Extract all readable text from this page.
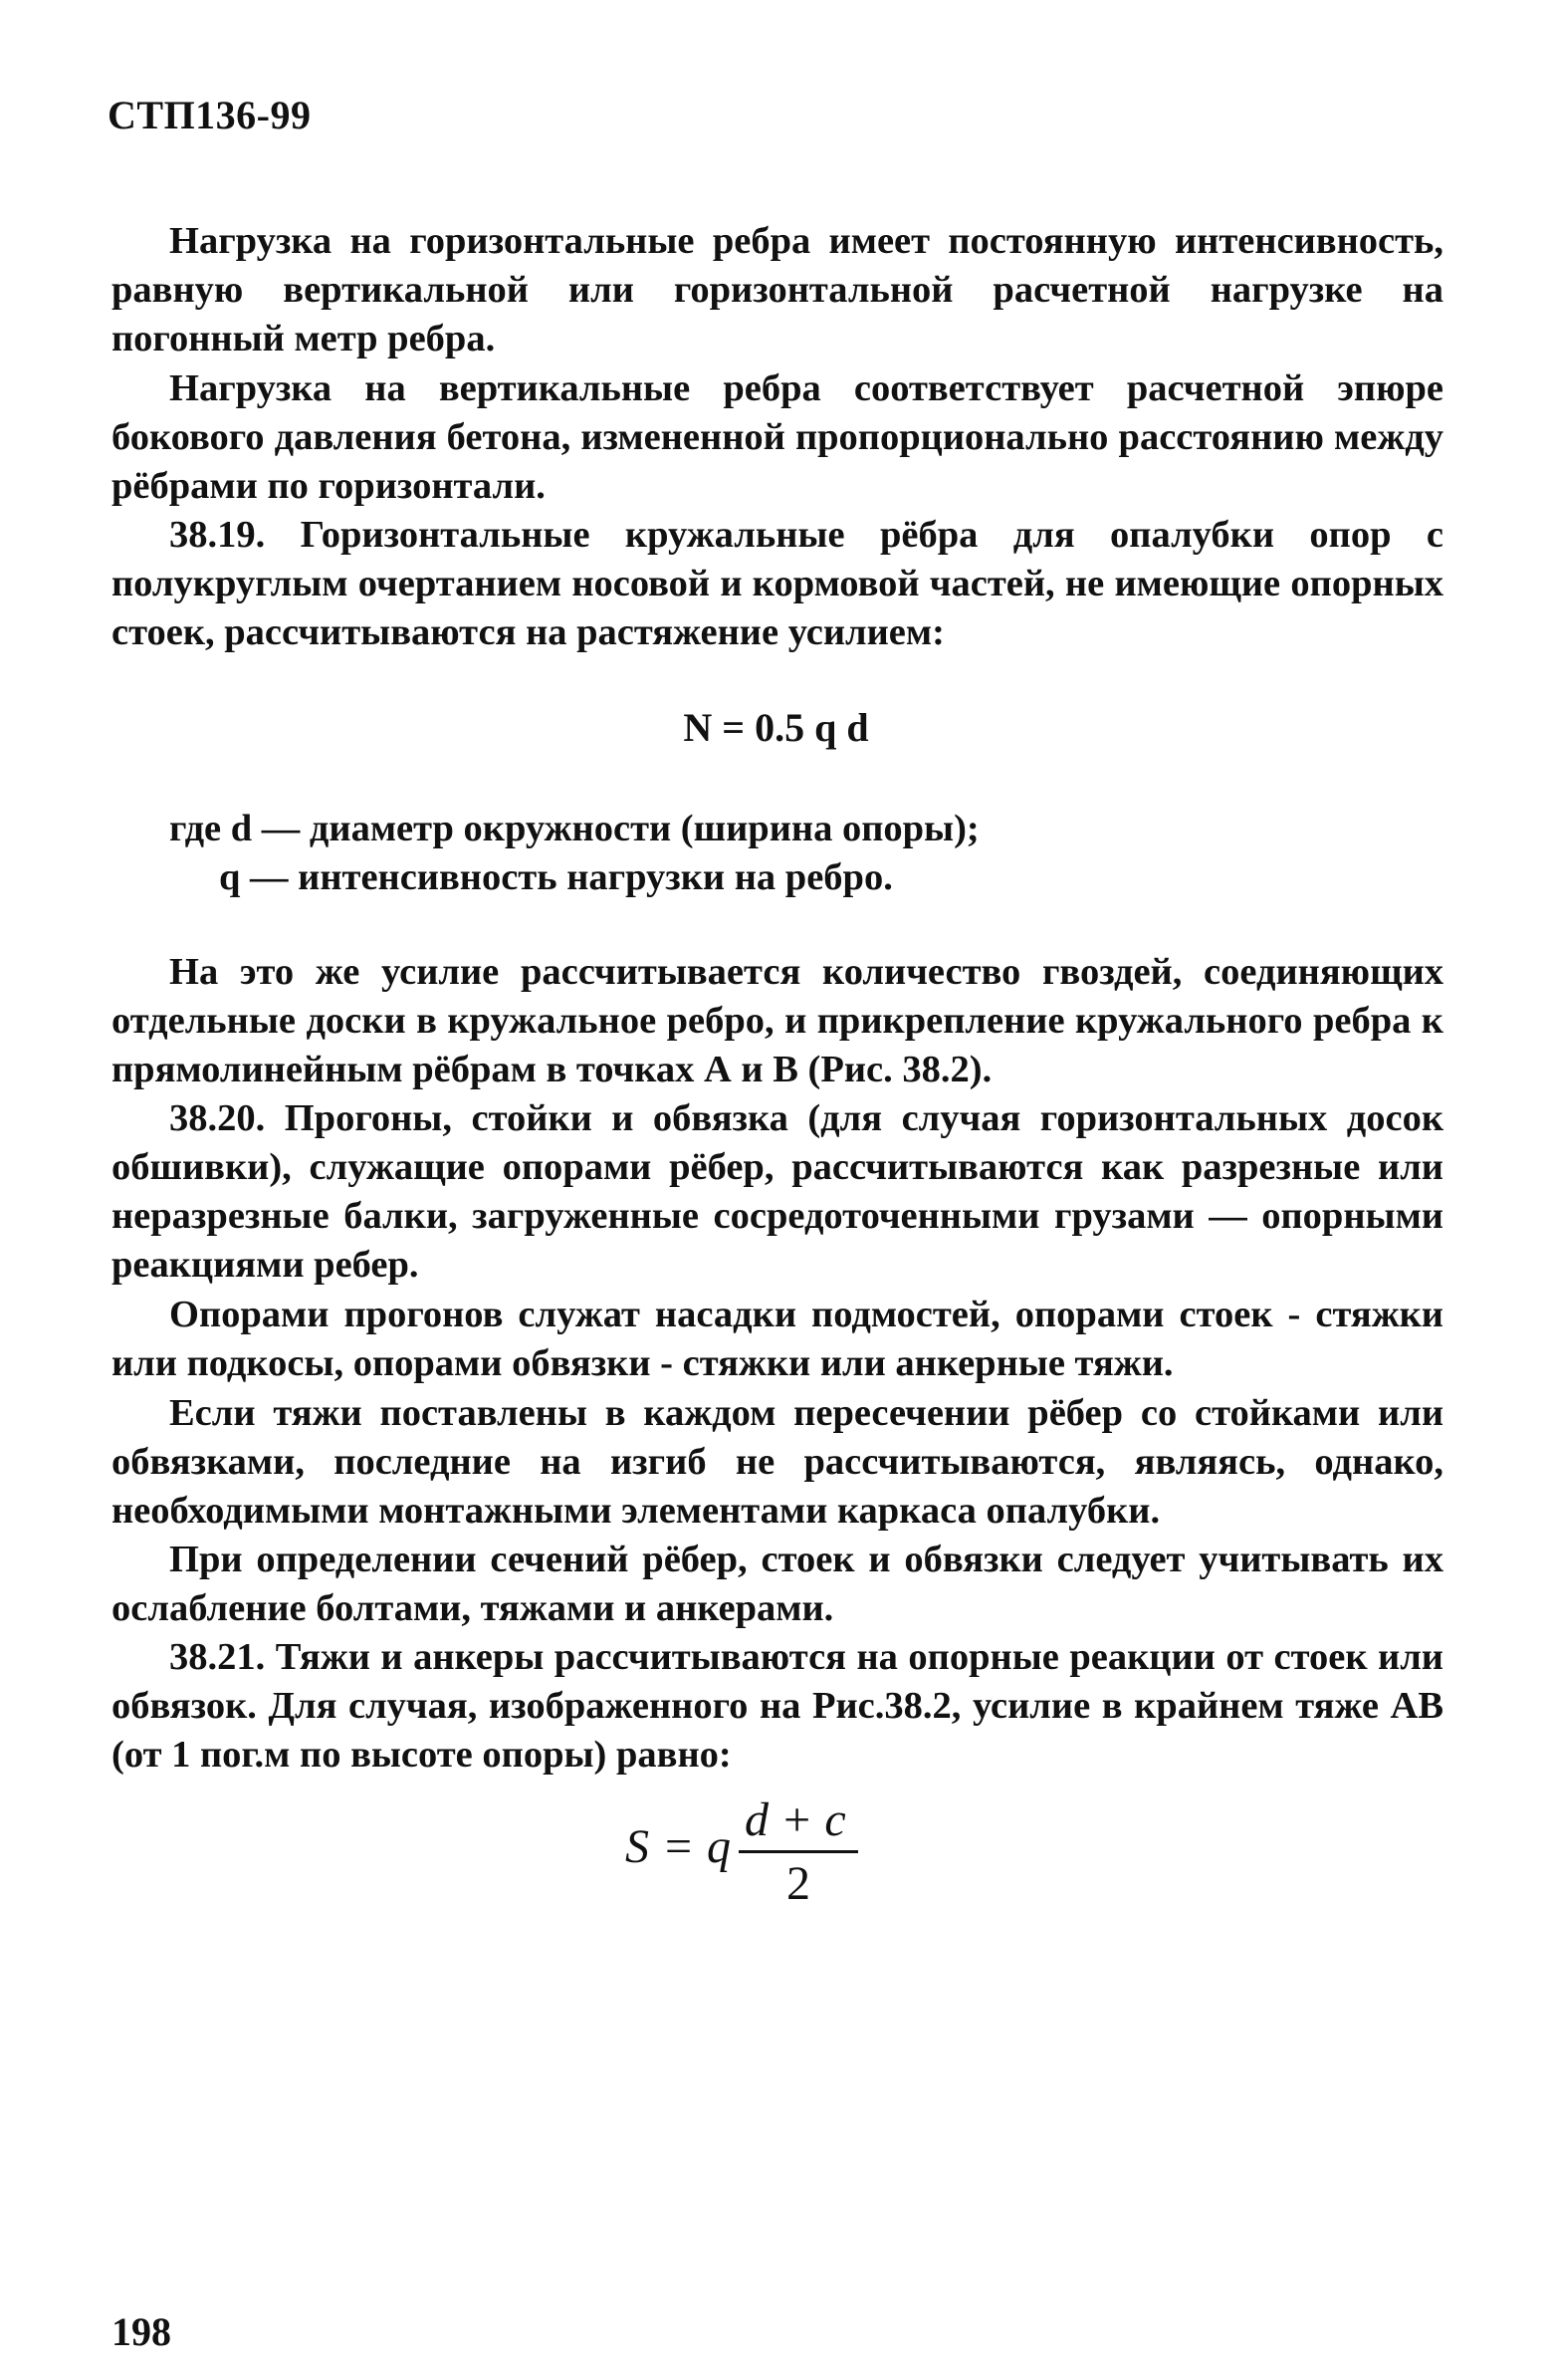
СТП136-99

Нагрузка на горизонтальные ребра имеет постоянную интенсивность, равную вертикальной или горизонтальной расчетной нагрузке на погонный метр ребра.

Нагрузка на вертикальные ребра соответствует расчетной эпюре бокового давления бетона, измененной пропорционально расстоянию между рёбрами по горизонтали.

38.19. Горизонтальные кружальные рёбра для опалубки опор с полукруглым очертанием носовой и кормовой частей, не имеющие опорных стоек, рассчитываются на растяжение усилием:

N = 0.5 q d
где d — диаметр окружности (ширина опоры);
q — интенсивность нагрузки на ребро.

На это же усилие рассчитывается количество гвоздей, соединяющих отдельные доски в кружальное ребро, и прикрепление кружального ребра к прямолинейным рёбрам в точках А и В (Рис. 38.2).

38.20. Прогоны, стойки и обвязка (для случая горизонтальных досок обшивки), служащие опорами рёбер, рассчитываются как разрезные или неразрезные балки, загруженные сосредоточенными грузами — опорными реакциями ребер.

Опорами прогонов служат насадки подмостей, опорами стоек - стяжки или подкосы, опорами обвязки - стяжки или анкерные тяжи.

Если тяжи поставлены в каждом пересечении рёбер со стойками или обвязками, последние на изгиб не рассчитываются, являясь, однако, необходимыми монтажными элементами каркаса опалубки.

При определении сечений рёбер, стоек и обвязки следует учитывать их ослабление болтами, тяжами и анкерами.

38.21. Тяжи и анкеры рассчитываются на опорные реакции от стоек или обвязок. Для случая, изображенного на Рис.38.2, усилие в крайнем тяже АВ (от 1 пог.м по высоте опоры) равно:

S = q
d + c
2
198
